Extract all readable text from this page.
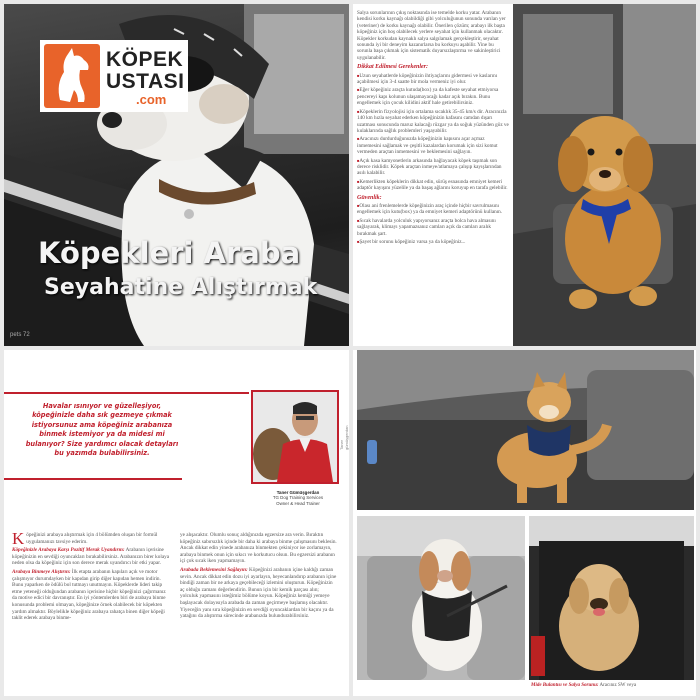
KÖPEK
USTASI
.com
Köpekleri Araba
Seyahatine Alıştırmak
pets 72

Salya sorunlarının çıkış noktasında ise temelde korku yatar. Arabanın kendisi korku kaynağı olabildiği gibi yolculuğunun sonunda varılan yer (veteriner) de korku kaynağı olabilir. Önerilen çözüm; arabayı ilk başta köpeğiniz için hoş olabilecek yerlere seyahat için kullanmak olacaktır. Köpekler korkudan kaynaklı salya salgılamak gerçekleştirir, seyahat sonunda iyi bir deneyim kazanırlarsa bu korkuyu aşabilir. Yine bu sorunla başa çıkmak için sistematik duyarsızlaştırma ve sakinleştirici uygulanabilir.

Dikkat Edilmesi Gerekenler:

■ Uzun seyahatlerde köpeğinizin ihtiyaçlarını gidermesi ve kaslarını açabilmesi için 3-4 saatte bir mola vermeniz iyi olur.

■ Eğer köpeğiniz araçta kutuda(box) ya da kafeste seyahat etmiyorsa pencereyi kapı kolunun ulaşamayacağı kadar açık bırakın. Bunu engellemek için çocuk kilidini aktif hale getirebilirsiniz.

■ Köpeklerin fizyolojisi için ortalama sıcaklık 35-45 km/s dir. Aracınızla 140 km hızla seyahat ederken köpeğinizin kafasını camdan dışarı uzatması sonucunda maruz kalacağı rüzgar ya da soğuk yüzünden göz ve kulaklarında sağlık problemleri yaşayabilir.

■ Aracınızı durdurduğunuzda köpeğinizin kapısını açar açmaz inmemesini sağlamak ve çeşitli kazalardan korumak için sizi komut vermeden araçtan inmemesini ve beklemesini sağlayın.

■ Açık kasa kamyonetlerin arkasında bağlayacak köpek taşımak son derece risklidir. Köpek araçtan inmeye/atlamaya çalışıp kayışlarından asılı kalabilir.

■ Kemerlikten köpeklerin dikkat edin, sürüş esnasında emniyet kemeri adaptör kayışını yüzelile ya da başaş ağlarını koruyup en tarafa gelebilir.

Güvenlik:

■ Olası ani frenlemelerde köpeğinizin araç içinde hiçbir savrulmasını engellemek için kutu(box) ya da emniyet kemeri adaptörünü kullanın.

■ Sıcak havalarda yolculuk yapıyorsanız araçta bolca hava almasını sağlayarak, klimayı yapamazsanız camları açık da camları aralık bırakmak şart.

■ Şayet bir sorunu köpeğiniz varsa ya da köpeğiniz...

Havalar ısınıyor ve güzelleşiyor, köpeğinizle daha sık gezmeye çıkmak istiyorsunuz ama köpeğiniz arabanıza binmek istemiyor ya da midesi mi bulanıyor? Size yardımcı olacak detayları bu yazımda bulabilirsiniz.
Taner gümüşgerdan
Taner Gümüşgerdan
TG Dog Training Services
Owner & Head Trainer

Köpeğinizi arabaya alıştırmak için 4 bölümden oluşan bir formül uygulamanızı tavsiye ederim.

Köpeğinizle Arabaya Karşı Pozitif Merak Uyandırın: Arabanın içerisine köpeğinizin en sevdiği oyuncakları bırakabilirsiniz. Arabanızın birer kolaya neden olsa da köpeğiniz için son derece merak uyandırıcı bir etki yapar.

Arabaya Binmeye Alıştırın: İlk etapta arabanın kapıları açık ve motor çalışmıyor durumdayken bir kapıdan girip diğer kapıdan hemen indirin. Bunu yaparken de ödülü bol tutmayı unutmayın. Köpeklerde lideri takip etme yeteneği olduğundan arabanın içerisine hiçbir köpeğinizi çağırmanız da motive edici bir davranıştır. En iyi yöntemlerden biri de arabaya binme konusunda problemi olmayan, köpeğinize örnek olabilecek bir köpekten yardım almaktır. Böylelikle köpeğiniz arabaya rahatça binen diğer köpeği taklit ederek arabaya binme-

ye alışacaktır. Olumlu sonuç aldığınızda egzersize ara verin. Bıraktın köpeğiniz sabırsızlık içinde bir daha ki arabaya binme çalışmasını beklesin. Ancak dikkat edin yinede arabanıza binmekten çekiniyor ise zorlamayın, arabaya binmek onun için sıkıcı ve korkutucu olsun. Bu egzersizi arabanın içi çok sıcak iken yapmamayın.

Arabada Beklemesini Sağlayın: Köpeğinizi arabanın içine kaldığı zaman sevin. Ancak dikkat edin dozu iyi ayarlayın, heyecanlandırıp arabanın içine bindiği zaman bir ne arkaya geçebileceği izlemini oluşturun. Köpeğinizin aç olduğu zamanı değerlendirin. Bunun için bir kemik parçası alın; yolculuk yapmasını isteğimiz bölüme koyun. Köpeğiniz kemiği yemeye başlayacak dolayısıyla arabada da zaman geçirmeye başlamış olacaktır. Yiyeceğin yanı sıra köpeğinizin en sevdiği oyuncaklardan bir kaçını ya da yatağını da alıştırma sürecinde arabanızda bulundurabilirsiniz.

Mide Bulantısı ve Salya Sorunu: Aracınız SW veya
